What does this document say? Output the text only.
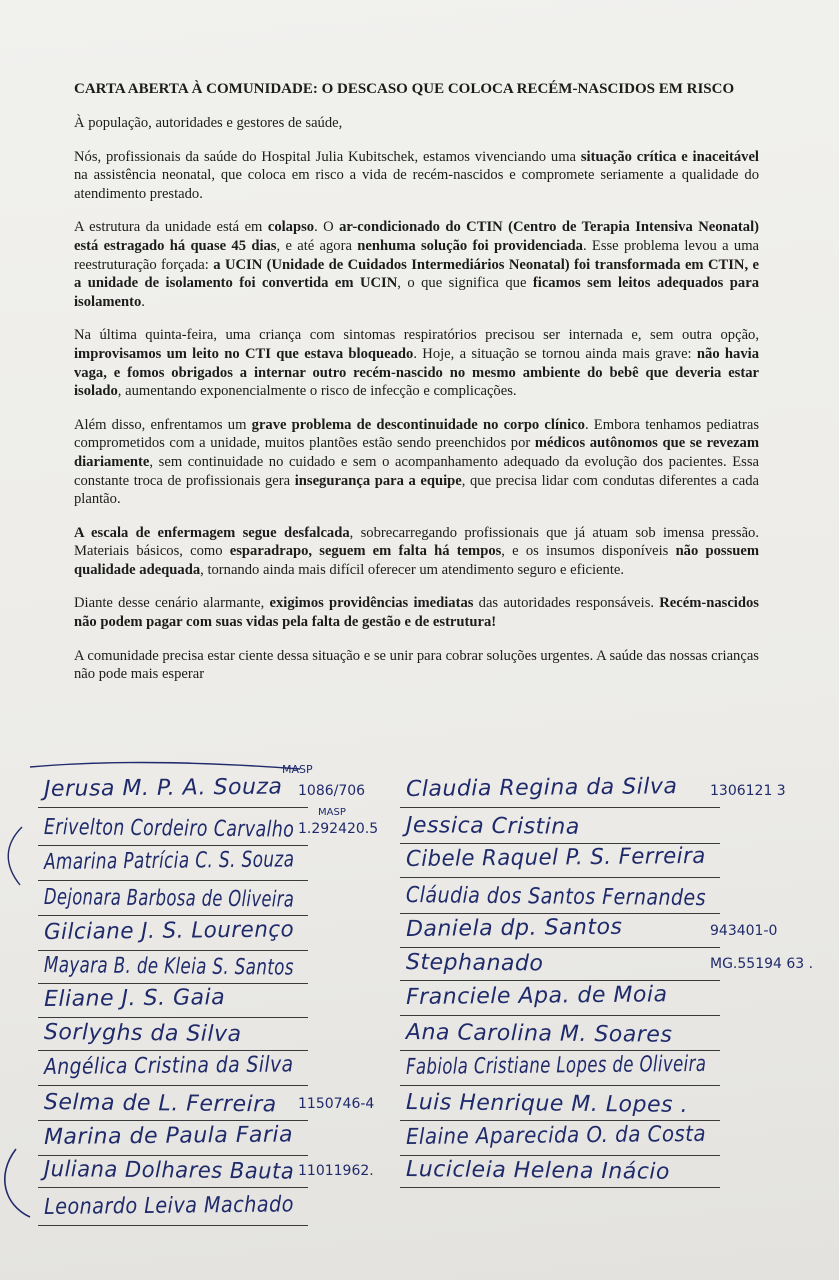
CARTA ABERTA À COMUNIDADE: O DESCASO QUE COLOCA RECÉM-NASCIDOS EM RISCO
À população, autoridades e gestores de saúde,
Nós, profissionais da saúde do Hospital Julia Kubitschek, estamos vivenciando uma situação crítica e inaceitável na assistência neonatal, que coloca em risco a vida de recém-nascidos e compromete seriamente a qualidade do atendimento prestado.
A estrutura da unidade está em colapso. O ar-condicionado do CTIN (Centro de Terapia Intensiva Neonatal) está estragado há quase 45 dias, e até agora nenhuma solução foi providenciada. Esse problema levou a uma reestruturação forçada: a UCIN (Unidade de Cuidados Intermediários Neonatal) foi transformada em CTIN, e a unidade de isolamento foi convertida em UCIN, o que significa que ficamos sem leitos adequados para isolamento.
Na última quinta-feira, uma criança com sintomas respiratórios precisou ser internada e, sem outra opção, improvisamos um leito no CTI que estava bloqueado. Hoje, a situação se tornou ainda mais grave: não havia vaga, e fomos obrigados a internar outro recém-nascido no mesmo ambiente do bebê que deveria estar isolado, aumentando exponencialmente o risco de infecção e complicações.
Além disso, enfrentamos um grave problema de descontinuidade no corpo clínico. Embora tenhamos pediatras comprometidos com a unidade, muitos plantões estão sendo preenchidos por médicos autônomos que se revezam diariamente, sem continuidade no cuidado e sem o acompanhamento adequado da evolução dos pacientes. Essa constante troca de profissionais gera insegurança para a equipe, que precisa lidar com condutas diferentes a cada plantão.
A escala de enfermagem segue desfalcada, sobrecarregando profissionais que já atuam sob imensa pressão. Materiais básicos, como esparadrapo, seguem em falta há tempos, e os insumos disponíveis não possuem qualidade adequada, tornando ainda mais difícil oferecer um atendimento seguro e eficiente.
Diante desse cenário alarmante, exigimos providências imediatas das autoridades responsáveis. Recém-nascidos não podem pagar com suas vidas pela falta de gestão e de estrutura!
A comunidade precisa estar ciente dessa situação e se unir para cobrar soluções urgentes. A saúde das nossas crianças não pode mais esperar
MASP
MASP
Jerusa M. P. A. Souza 1086/706
Erivelton Cordeiro Carvalho 1.292420.5
Amarina Patrícia C. S. Souza
Dejonara Barbosa de Oliveira
Gilciane J. S. Lourenço
Mayara B. de Kleia S. Santos
Eliane J. S. Gaia
Sorlyghs da Silva
Angélica Cristina da Silva
Selma de L. Ferreira 1150746-4
Marina de Paula Faria
Juliana Dolhares Bauta 11011962.
Leonardo Leiva Machado
Claudia Regina da Silva 1306121 3
Jessica Cristina
Cibele Raquel P. S. Ferreira
Cláudia dos Santos Fernandes
Daniela dp. Santos	943401-0
Stephanado	MG.55194 63 .
Franciele Apa. de Moia
Ana Carolina M. Soares
Fabiola Cristiane Lopes de Oliveira
Luis Henrique M. Lopes .
Elaine Aparecida O. da Costa
Lucicleia Helena Inácio
